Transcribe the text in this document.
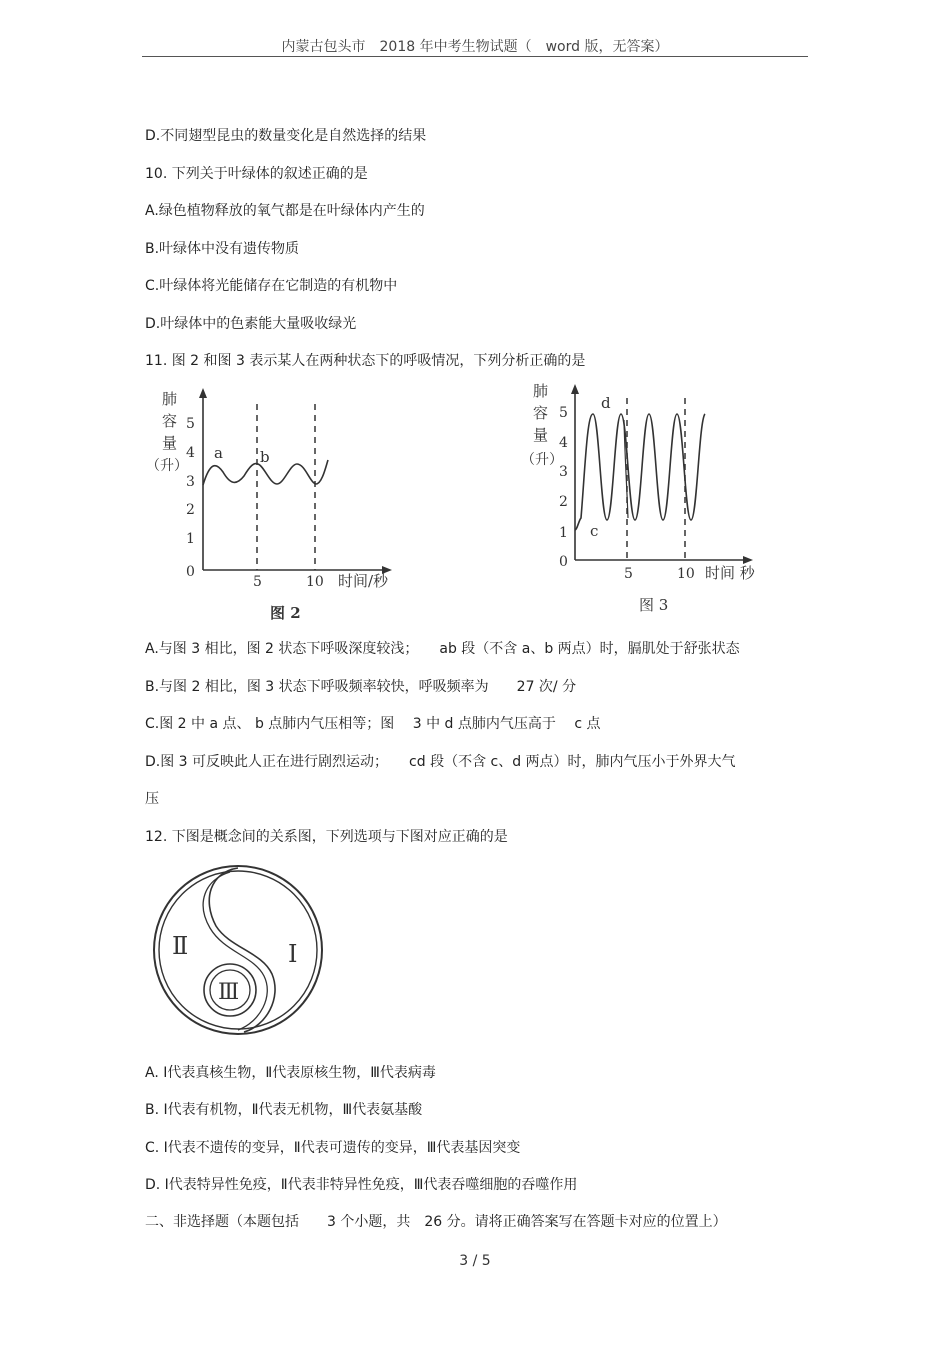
内蒙古包头市　2018 年中考生物试题（　word 版，无答案）
D.不同翅型昆虫的数量变化是自然选择的结果
10. 下列关于叶绿体的叙述正确的是
A.绿色植物释放的氧气都是在叶绿体内产生的
B.叶绿体中没有遗传物质
C.叶绿体将光能储存在它制造的有机物中
D.叶绿体中的色素能大量吸收绿光
11. 图 2 和图 3 表示某人在两种状态下的呼吸情况，下列分析正确的是
肺
容
量
（升）
0
1
2
3
4
5
a b
5	10 时间/秒
图 2
肺
容
量
（升）
0
1
2
3
4
5
d
c
5	10 时间 秒
图 3
A.与图 3 相比，图 2 状态下呼吸深度较浅；　　ab 段（不含 a、b 两点）时，膈肌处于舒张状态
B.与图 2 相比，图 3 状态下呼吸频率较快，呼吸频率为　　27 次/ 分
C.图 2 中 a 点、 b 点肺内气压相等；图　 3 中 d 点肺内气压高于　 c 点
D.图 3 可反映此人正在进行剧烈运动；　　cd 段（不含 c、d 两点）时，肺内气压小于外界大气
压
12. 下图是概念间的关系图，下列选项与下图对应正确的是
Ⅱ	Ⅰ
Ⅲ
A. Ⅰ代表真核生物，Ⅱ代表原核生物，Ⅲ代表病毒
B. Ⅰ代表有机物，Ⅱ代表无机物，Ⅲ代表氨基酸
C. Ⅰ代表不遗传的变异，Ⅱ代表可遗传的变异，Ⅲ代表基因突变
D. Ⅰ代表特异性免疫，Ⅱ代表非特异性免疫，Ⅲ代表吞噬细胞的吞噬作用
二、非选择题（本题包括　　3 个小题，共　26 分。请将正确答案写在答题卡对应的位置上）
3 / 5
